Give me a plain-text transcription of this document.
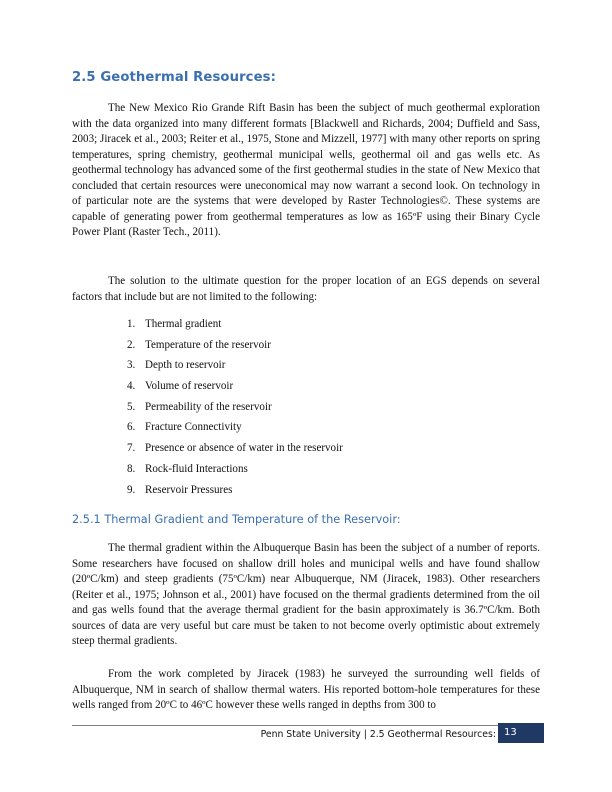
2.5 Geothermal Resources:

The New Mexico Rio Grande Rift Basin has been the subject of much geothermal exploration with the data organized into many different formats [Blackwell and Richards, 2004; Duffield and Sass, 2003; Jiracek et al., 2003; Reiter et al., 1975, Stone and Mizzell, 1977] with many other reports on spring temperatures, spring chemistry, geothermal municipal wells, geothermal oil and gas wells etc. As geothermal technology has advanced some of the first geothermal studies in the state of New Mexico that concluded that certain resources were uneconomical may now warrant a second look. On technology in of particular note are the systems that were developed by Raster Technologies©. These systems are capable of generating power from geothermal temperatures as low as 165ºF using their Binary Cycle Power Plant (Raster Tech., 2011).

The solution to the ultimate question for the proper location of an EGS depends on several factors that include but are not limited to the following:

1. Thermal gradient
2. Temperature of the reservoir
3. Depth to reservoir
4. Volume of reservoir
5. Permeability of the reservoir
6. Fracture Connectivity
7. Presence or absence of water in the reservoir
8. Rock-fluid Interactions
9. Reservoir Pressures
2.5.1 Thermal Gradient and Temperature of the Reservoir:

The thermal gradient within the Albuquerque Basin has been the subject of a number of reports. Some researchers have focused on shallow drill holes and municipal wells and have found shallow (20ºC/km) and steep gradients (75ºC/km) near Albuquerque, NM (Jiracek, 1983). Other researchers (Reiter et al., 1975; Johnson et al., 2001) have focused on the thermal gradients determined from the oil and gas wells found that the average thermal gradient for the basin approximately is 36.7ºC/km. Both sources of data are very useful but care must be taken to not become overly optimistic about extremely steep thermal gradients.

From the work completed by Jiracek (1983) he surveyed the surrounding well fields of Albuquerque, NM in search of shallow thermal waters. His reported bottom-hole temperatures for these wells ranged from 20ºC to 46ºC however these wells ranged in depths from 300 to

Penn State University | 2.5 Geothermal Resources: 13
